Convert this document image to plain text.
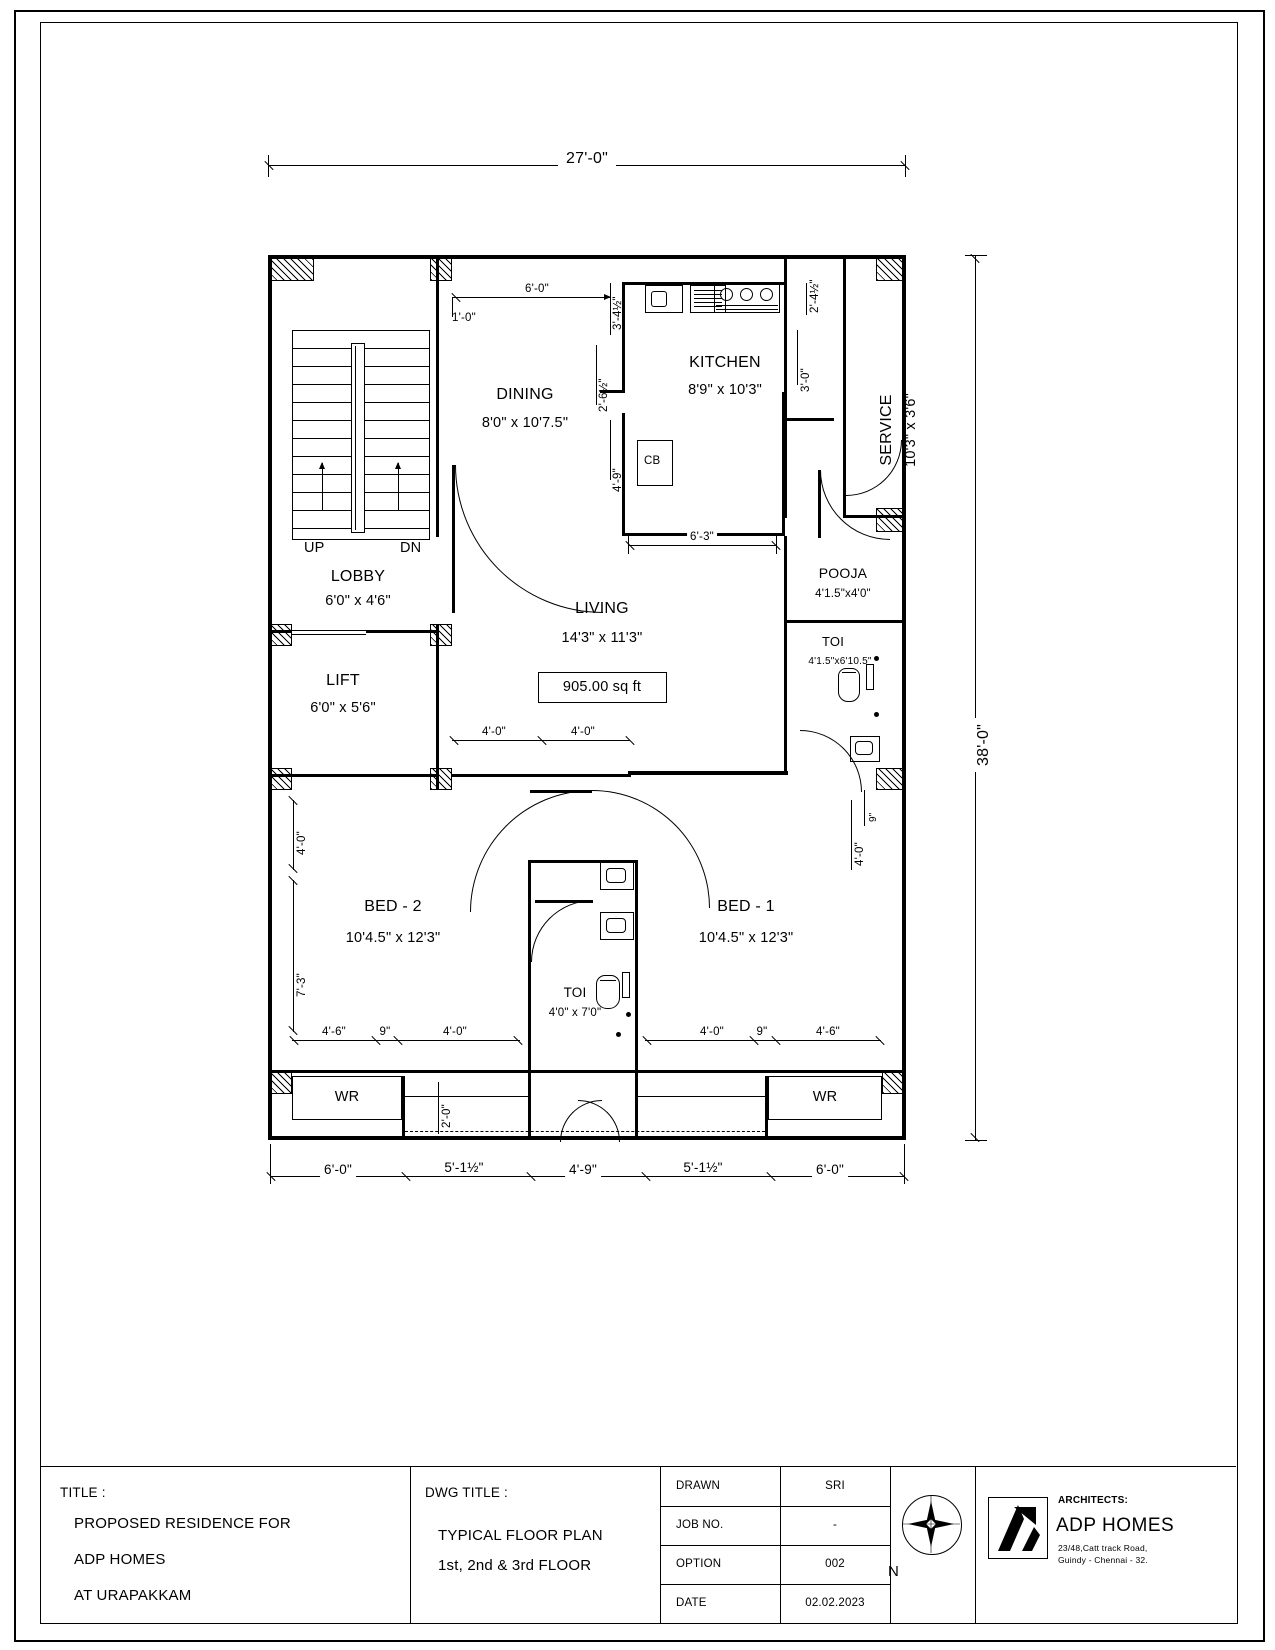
27'-0"
38'-0"
UP	DN
CB
KITCHEN
8'9" x 10'3"
DINING
8'0" x 10'7.5"	SERVICE 10'3" x 3'6"
LOBBY
6'0" x 4'6"
LIFT
6'0" x 5'6"
LIVING
14'3" x 11'3"
905.00 sq ft
POOJA
4'1.5"x4'0"
TOI
4'1.5"x6'10.5"
BED - 2
10'4.5" x 12'3"
BED - 1
10'4.5" x 12'3"
TOI
4'0" x 7'0"
WR	WR
6'-0"
1'-0"	3'-4½"
2'-6½"
4'-9"
2'-4½"
3'-0"
6'-3"
4'-0"	4'-0"
4'-0"
7'-3"
4'-6"	9"	4'-0"	4'-0"	9"	4'-6"
9"
4'-0"
2'-0"
6'-0"	5'-1½"	4'-9"	5'-1½"	6'-0"
TITLE :
PROPOSED RESIDENCE FOR
ADP HOMES
AT URAPAKKAM
DWG TITLE :
TYPICAL FLOOR PLAN
1st, 2nd & 3rd FLOOR
DRAWN	SRI
JOB NO.	-
OPTION	002
DATE	02.02.2023
N
ARCHITECTS:
ADP HOMES
23/48,Catt track Road,
Guindy - Chennai - 32.
